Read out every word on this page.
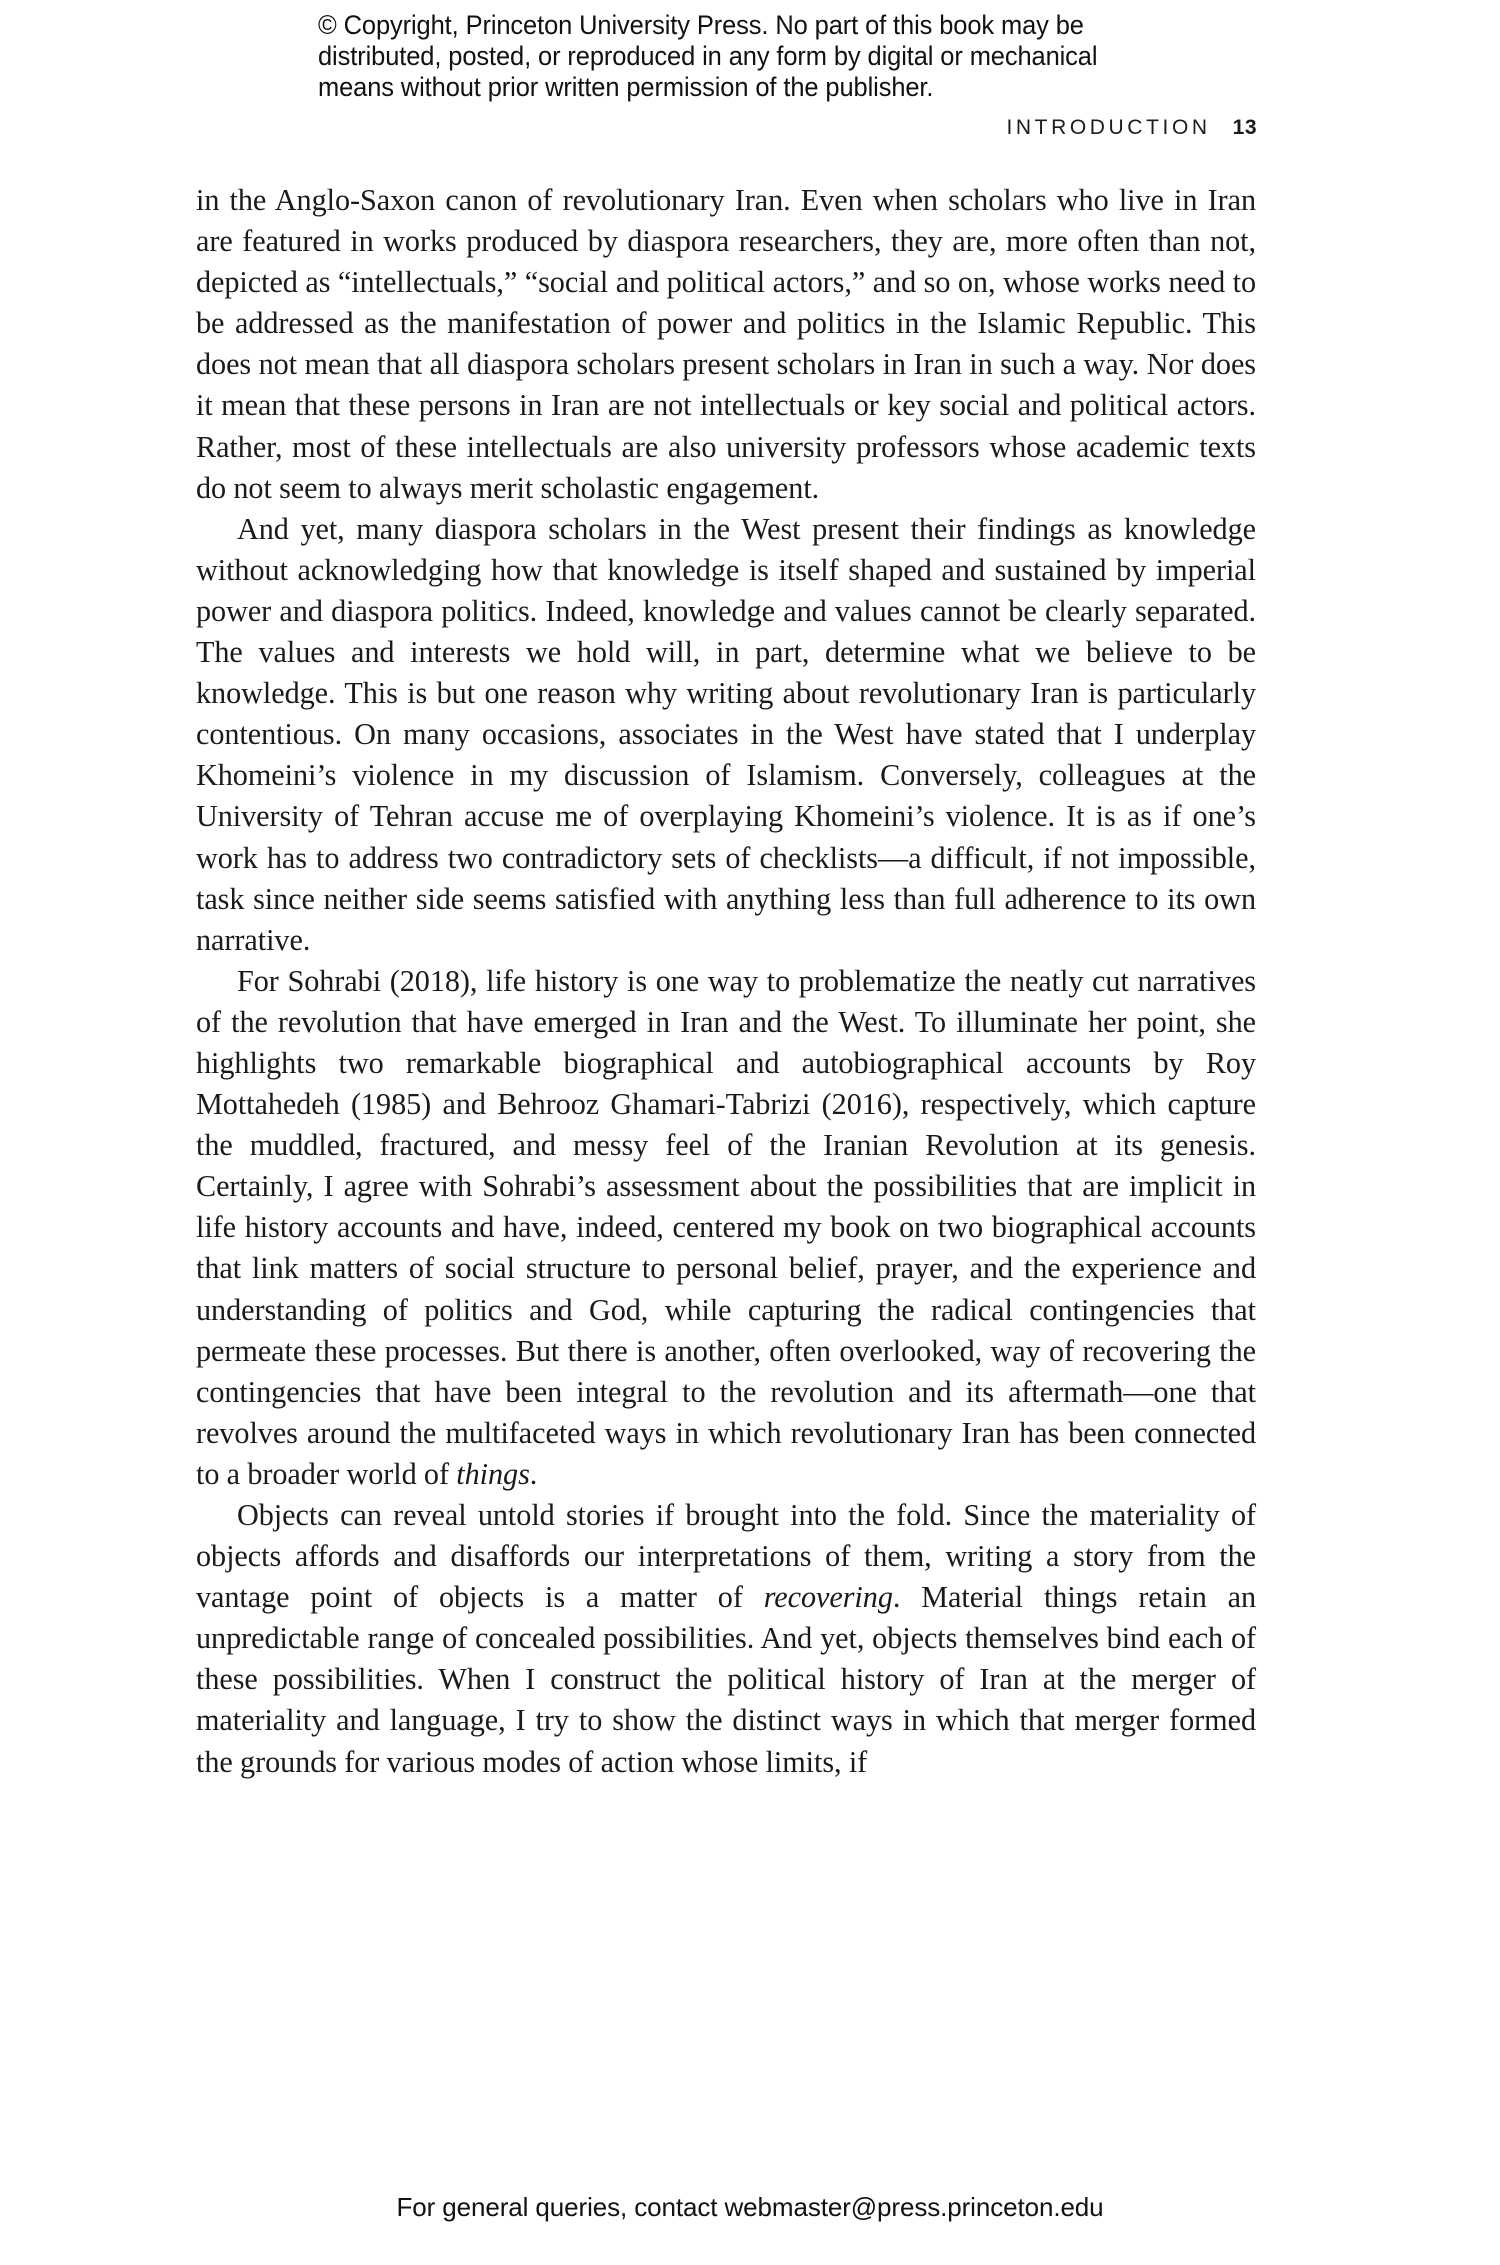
© Copyright, Princeton University Press. No part of this book may be
distributed, posted, or reproduced in any form by digital or mechanical
means without prior written permission of the publisher.
INTRODUCTION 13

in the Anglo-Saxon canon of revolutionary Iran. Even when scholars who live in Iran are featured in works produced by diaspora researchers, they are, more often than not, depicted as “intellectuals,” “social and political actors,” and so on, whose works need to be addressed as the manifestation of power and politics in the Islamic Republic. This does not mean that all diaspora scholars present scholars in Iran in such a way. Nor does it mean that these persons in Iran are not intellectuals or key social and political actors. Rather, most of these intellectuals are also university professors whose academic texts do not seem to always merit scholastic engagement.

And yet, many diaspora scholars in the West present their findings as knowledge without acknowledging how that knowledge is itself shaped and sustained by imperial power and diaspora politics. Indeed, knowledge and values cannot be clearly separated. The values and interests we hold will, in part, determine what we believe to be knowledge. This is but one reason why writing about revolutionary Iran is particularly contentious. On many occasions, associates in the West have stated that I underplay Khomeini’s violence in my discussion of Islamism. Conversely, colleagues at the University of Tehran accuse me of overplaying Khomeini’s violence. It is as if one’s work has to address two contradictory sets of checklists—a difficult, if not impossible, task since neither side seems satisfied with anything less than full adherence to its own narrative.

For Sohrabi (2018), life history is one way to problematize the neatly cut narratives of the revolution that have emerged in Iran and the West. To illuminate her point, she highlights two remarkable biographical and autobiographical accounts by Roy Mottahedeh (1985) and Behrooz Ghamari-Tabrizi (2016), respectively, which capture the muddled, fractured, and messy feel of the Iranian Revolution at its genesis. Certainly, I agree with Sohrabi’s assessment about the possibilities that are implicit in life history accounts and have, indeed, centered my book on two biographical accounts that link matters of social structure to personal belief, prayer, and the experience and understanding of politics and God, while capturing the radical contingencies that permeate these processes. But there is another, often overlooked, way of recovering the contingencies that have been integral to the revolution and its aftermath—one that revolves around the multifaceted ways in which revolutionary Iran has been connected to a broader world of things.

Objects can reveal untold stories if brought into the fold. Since the materiality of objects affords and disaffords our interpretations of them, writing a story from the vantage point of objects is a matter of recovering. Material things retain an unpredictable range of concealed possibilities. And yet, objects themselves bind each of these possibilities. When I construct the political history of Iran at the merger of materiality and language, I try to show the distinct ways in which that merger formed the grounds for various modes of action whose limits, if

For general queries, contact webmaster@press.princeton.edu
